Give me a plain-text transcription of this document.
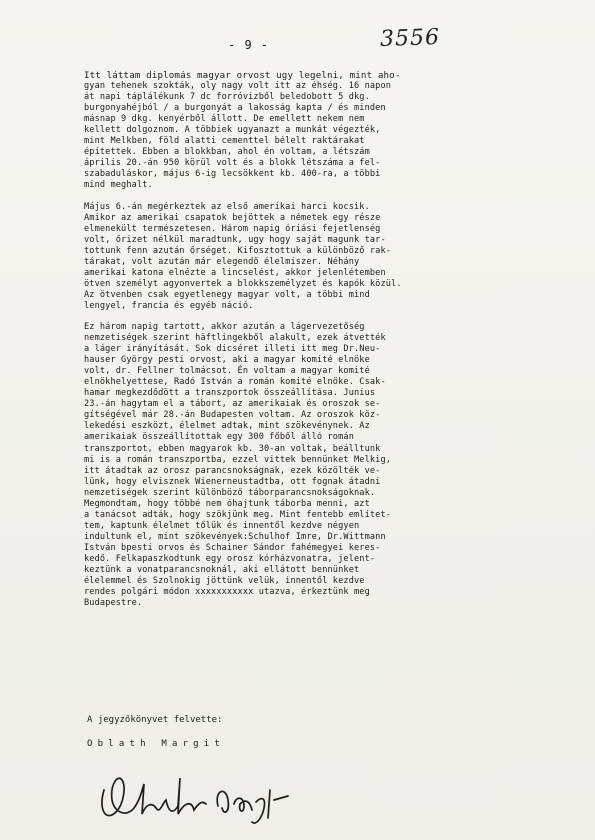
- 9 -	3556
Itt láttam diplomás magyar orvost ugy legelni, mint aho-
gyan tehenek szokták, oly nagy volt itt az éhség. 16 napon
át napi táplálékunk 7 dc forróvizből beledobott 5 dkg.
burgonyahéjból / a burgonyát a lakosság kapta / és minden
másnap 9 dkg. kenyérből állott. De emellett nekem nem
kellett dolgoznom. A többiek ugyanazt a munkát végezték,
mint Melkben, föld alatti cementtel bélelt raktárakat
építettek. Ebben a blokkban, ahol én voltam, a létszám
április 20.-án 950 körül volt és a blokk létszáma a fel-
szabaduláskor, május 6-ig lecsökkent kb. 400-ra, a többi
mind meghalt.
Május 6.-án megérkeztek az első amerikai harci kocsik.
Amikor az amerikai csapatok bejöttek a németek egy része
elmenekült természetesen. Három napig óriási fejetlenség
volt, őrizet nélkül maradtunk, ugy hogy saját magunk tar-
tottunk fenn azután őrséget. Kifosztottuk a különböző rak-
tárakat, volt azután már elegendő élelmiszer. Néhány
amerikai katona elnézte a lincselést, akkor jelenlétemben
ötven személyt agyonvertek a blokkszemélyzet és kapók közül.
Az ötvenben csak egyetlenegy magyar volt, a többi mind
lengyel, francia és egyéb náció.
Ez három napig tartott, akkor azután a lágervezetőség
nemzetiségek szerint häftlingekből alakult, ezek átvették
a láger irányítását. Sok dicséret illeti itt meg Dr.Neu-
hauser György pesti orvost, aki a magyar komité elnöke
volt, dr. Fellner tolmácsot. Én voltam a magyar komité
elnökhelyettese, Radó István a román komité elnöke. Csak-
hamar megkezdődött a transzportok összeállítása. Junius
23.-án hagytam el a tábort, az amerikaiak és oroszok se-
gítségével már 28.-án Budapesten voltam. Az oroszok köz-
lekedési eszközt, élelmet adtak, mint szökevénynek. Az
amerikaiak összeállítottak egy 300 főből álló román
transzportot, ebben magyarok kb. 30-an voltak, beálltunk
mi is a román transzportba, ezzel vittek bennünket Melkig,
itt átadtak az orosz parancsnokságnak, ezek közölték ve-
lünk, hogy elvisznek Wienerneustadtba, ott fognak átadni
nemzetiségek szerint különböző táborparancsnokságoknak.
Megmondtam, hogy többé nem óhajtunk táborba menni, azt
a tanácsot adták, hogy szökjünk meg. Mint fentebb említet-
tem, kaptunk élelmet tőlük és innentől kezdve négyen
indultunk el, mint szökevények:Schulhof Imre, Dr.Wittmann
István bpesti orvos és Schainer Sándor fahémegyei keres-
kedő. Felkapaszkodtunk egy orosz kórházvonatra, jelent-
keztünk a vonatparancsnoknál, aki ellátott bennünket
élelemmel és Szolnokig jöttünk velük, innentől kezdve
rendes polgári módon xxxxxxxxxxx utazva, érkeztünk meg
Budapestre.
A jegyzőkönyvet felvette:
Oblath Margit
